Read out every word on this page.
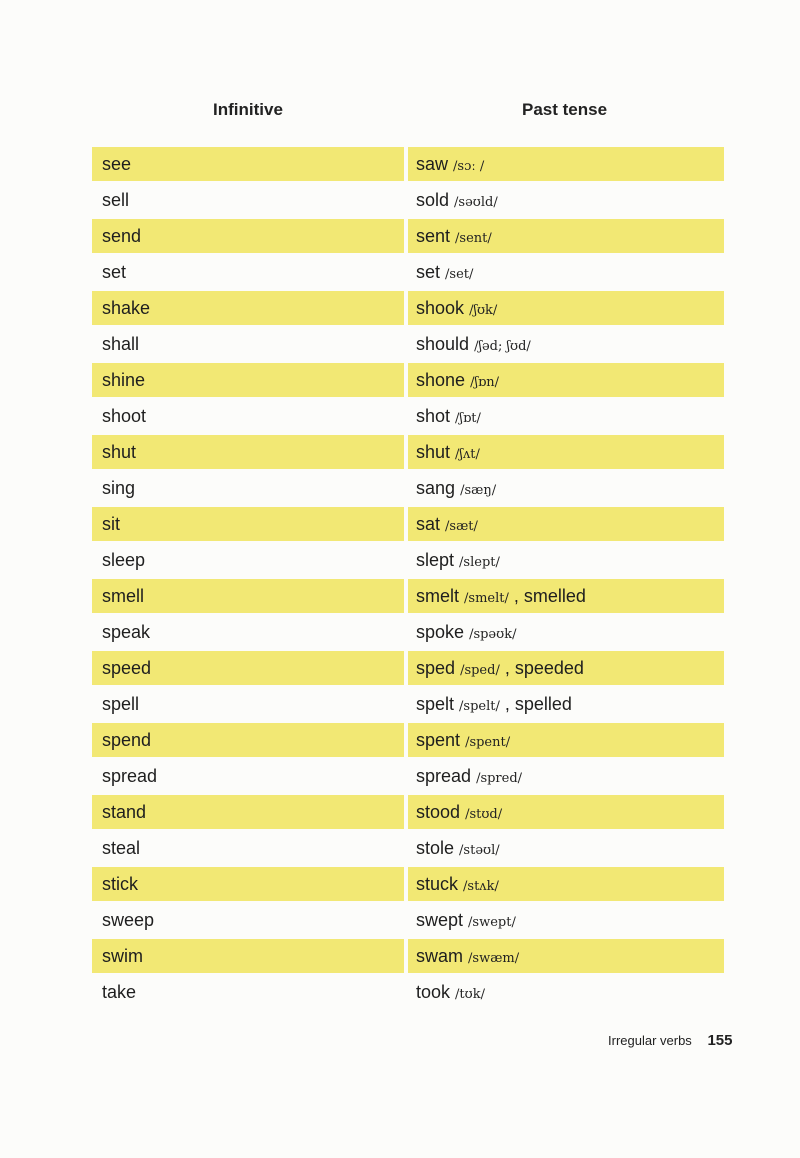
Infinitive	Past tense
see	saw /sɔː /
sell	sold /səʊld/
send	sent /sent/
set	set /set/
shake	shook /ʃʊk/
shall	should /ʃəd; ʃʊd/
shine	shone /ʃɒn/
shoot	shot /ʃɒt/
shut	shut /ʃʌt/
sing	sang /sæŋ/
sit	sat /sæt/
sleep	slept /slept/
smell	smelt /smelt/ , smelled
speak	spoke /spəʊk/
speed	sped /sped/ , speeded
spell	spelt /spelt/ , spelled
spend	spent /spent/
spread	spread /spred/
stand	stood /stʊd/
steal	stole /stəʊl/
stick	stuck /stʌk/
sweep	swept /swept/
swim	swam /swæm/
take	took /tʊk/
Irregular verbs 155
